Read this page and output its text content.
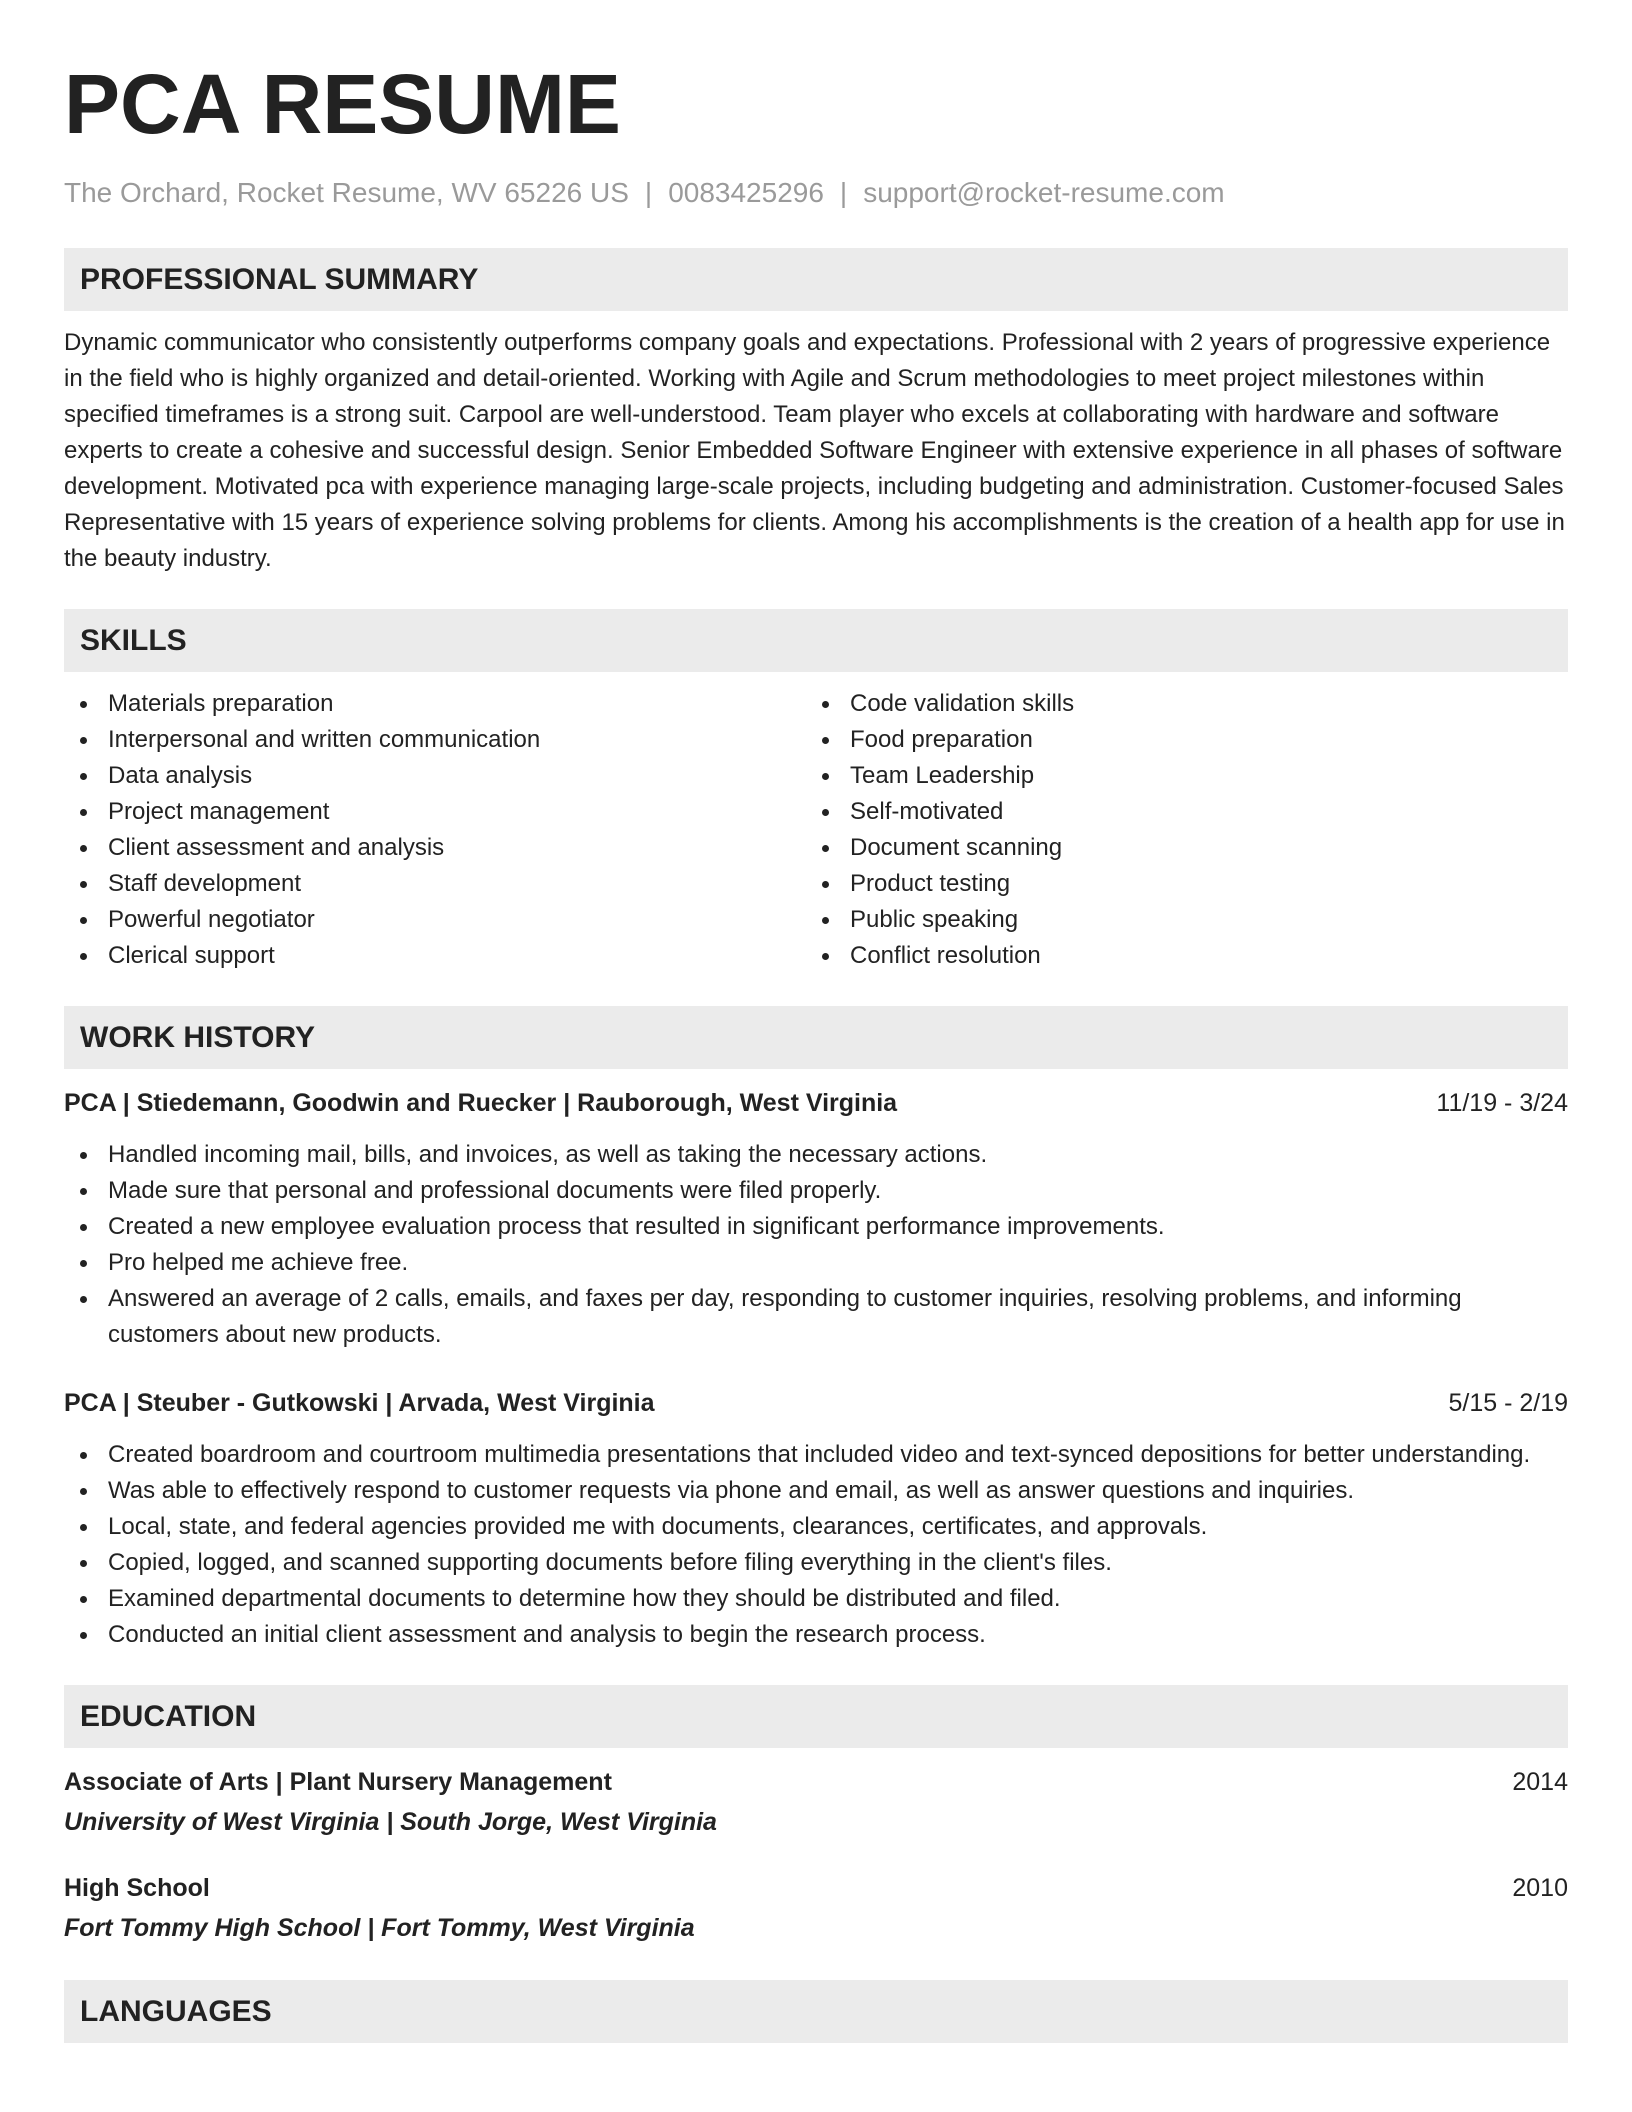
PCA RESUME
The Orchard, Rocket Resume, WV 65226 US | 0083425296 | support@rocket-resume.com
PROFESSIONAL SUMMARY

Dynamic communicator who consistently outperforms company goals and expectations. Professional with 2 years of progressive experience in the field who is highly organized and detail-oriented. Working with Agile and Scrum methodologies to meet project milestones within specified timeframes is a strong suit. Carpool are well-understood. Team player who excels at collaborating with hardware and software experts to create a cohesive and successful design. Senior Embedded Software Engineer with extensive experience in all phases of software development. Motivated pca with experience managing large-scale projects, including budgeting and administration. Customer-focused Sales Representative with 15 years of experience solving problems for clients. Among his accomplishments is the creation of a health app for use in the beauty industry.

SKILLS
Materials preparation
Interpersonal and written communication
Data analysis
Project management
Client assessment and analysis
Staff development
Powerful negotiator
Clerical support
Code validation skills
Food preparation
Team Leadership
Self-motivated
Document scanning
Product testing
Public speaking
Conflict resolution
WORK HISTORY
PCA | Stiedemann, Goodwin and Ruecker | Rauborough, West Virginia	11/19 - 3/24
Handled incoming mail, bills, and invoices, as well as taking the necessary actions.
Made sure that personal and professional documents were filed properly.
Created a new employee evaluation process that resulted in significant performance improvements.
Pro helped me achieve free.
Answered an average of 2 calls, emails, and faxes per day, responding to customer inquiries, resolving problems, and informing customers about new products.
PCA | Steuber - Gutkowski | Arvada, West Virginia	5/15 - 2/19
Created boardroom and courtroom multimedia presentations that included video and text-synced depositions for better understanding.
Was able to effectively respond to customer requests via phone and email, as well as answer questions and inquiries.
Local, state, and federal agencies provided me with documents, clearances, certificates, and approvals.
Copied, logged, and scanned supporting documents before filing everything in the client's files.
Examined departmental documents to determine how they should be distributed and filed.
Conducted an initial client assessment and analysis to begin the research process.
EDUCATION
Associate of Arts | Plant Nursery Management	2014
University of West Virginia | South Jorge, West Virginia
High School	2010
Fort Tommy High School | Fort Tommy, West Virginia
LANGUAGES
